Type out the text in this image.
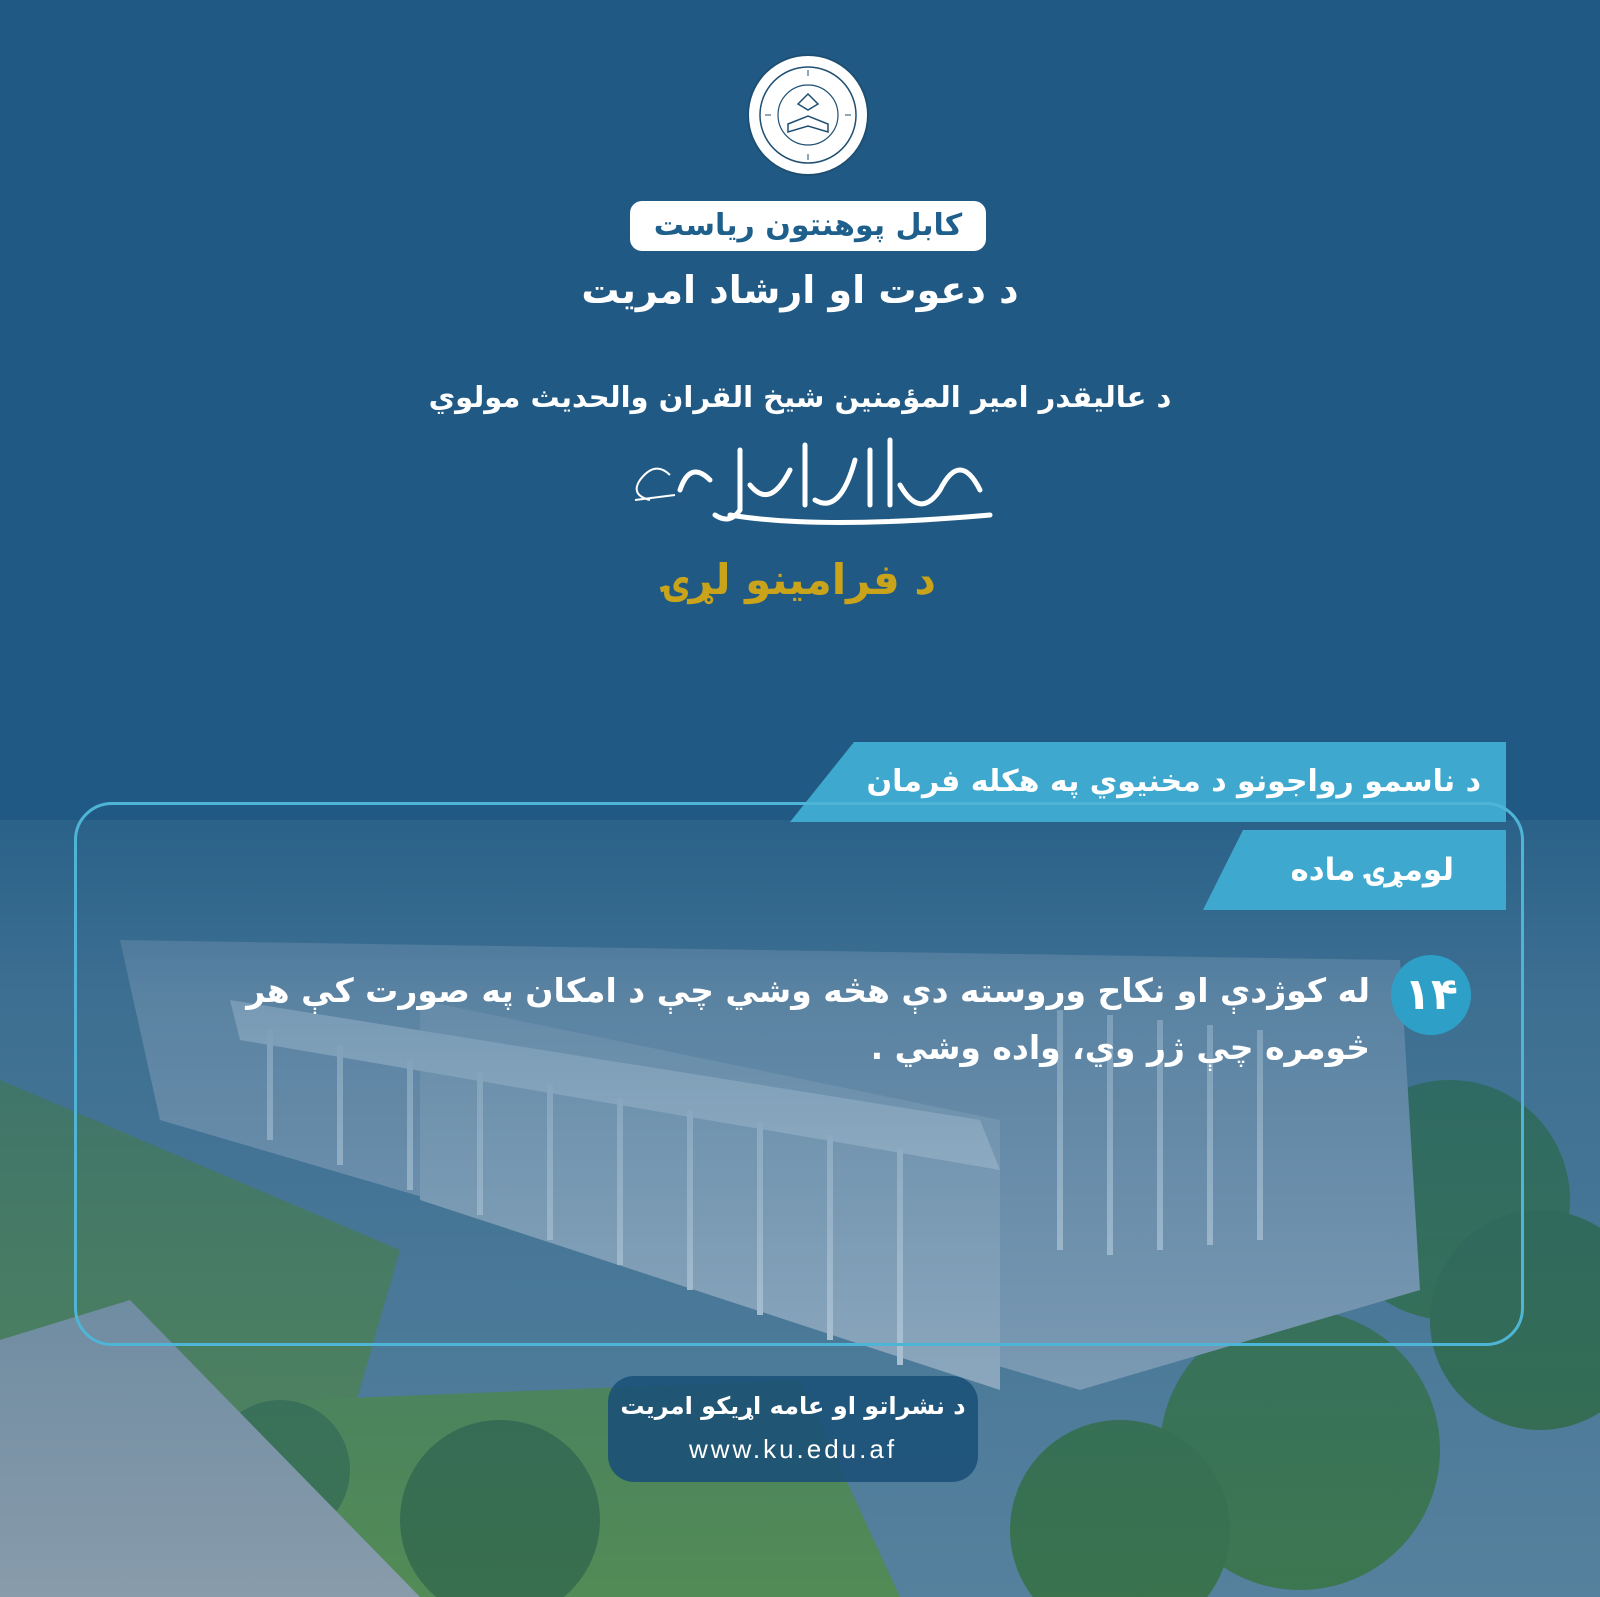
کابل پوهنتون ریاست
د دعوت او ارشاد امریت
د عالیقدر امیر المؤمنین شیخ القران والحدیث مولوي
د فرامینو لړۍ
د ناسمو رواجونو د مخنیوي په هکله فرمان
لومړۍ ماده
۱۴
له کوژدې او نکاح وروسته دې هڅه وشي چې د امکان په صورت کې هر څومره چې ژر وي، واده وشي .
د نشراتو او عامه اړیکو امریت
www.ku.edu.af
